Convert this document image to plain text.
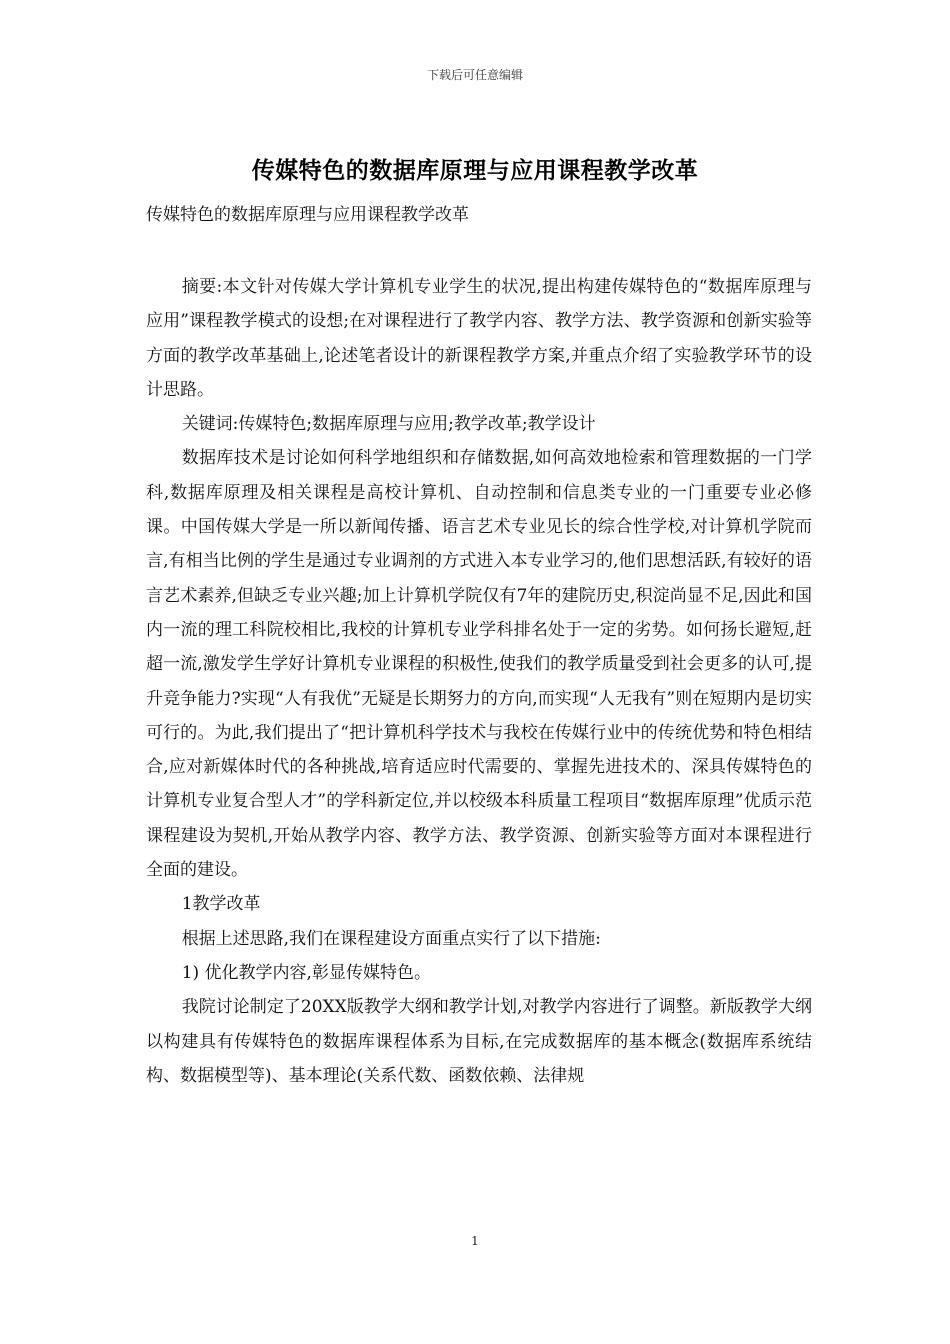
下载后可任意编辑
传媒特色的数据库原理与应用课程教学改革
传媒特色的数据库原理与应用课程教学改革

摘要:本文针对传媒大学计算机专业学生的状况,提出构建传媒特色的“数据库原理与应用”课程教学模式的设想;在对课程进行了教学内容、教学方法、教学资源和创新实验等方面的教学改革基础上,论述笔者设计的新课程教学方案,并重点介绍了实验教学环节的设计思路。

关键词:传媒特色;数据库原理与应用;教学改革;教学设计

数据库技术是讨论如何科学地组织和存储数据,如何高效地检索和管理数据的一门学科,数据库原理及相关课程是高校计算机、自动控制和信息类专业的一门重要专业必修课。中国传媒大学是一所以新闻传播、语言艺术专业见长的综合性学校,对计算机学院而言,有相当比例的学生是通过专业调剂的方式进入本专业学习的,他们思想活跃,有较好的语言艺术素养,但缺乏专业兴趣;加上计算机学院仅有7年的建院历史,积淀尚显不足,因此和国内一流的理工科院校相比,我校的计算机专业学科排名处于一定的劣势。如何扬长避短,赶超一流,激发学生学好计算机专业课程的积极性,使我们的教学质量受到社会更多的认可,提升竞争能力?实现“人有我优”无疑是长期努力的方向,而实现“人无我有”则在短期内是切实可行的。为此,我们提出了“把计算机科学技术与我校在传媒行业中的传统优势和特色相结合,应对新媒体时代的各种挑战,培育适应时代需要的、掌握先进技术的、深具传媒特色的计算机专业复合型人才”的学科新定位,并以校级本科质量工程项目“数据库原理”优质示范课程建设为契机,开始从教学内容、教学方法、教学资源、创新实验等方面对本课程进行全面的建设。

1教学改革

根据上述思路,我们在课程建设方面重点实行了以下措施:

1) 优化教学内容,彰显传媒特色。

我院讨论制定了20XX版教学大纲和教学计划,对教学内容进行了调整。新版教学大纲以构建具有传媒特色的数据库课程体系为目标,在完成数据库的基本概念(数据库系统结构、数据模型等)、基本理论(关系代数、函数依赖、法律规

1
